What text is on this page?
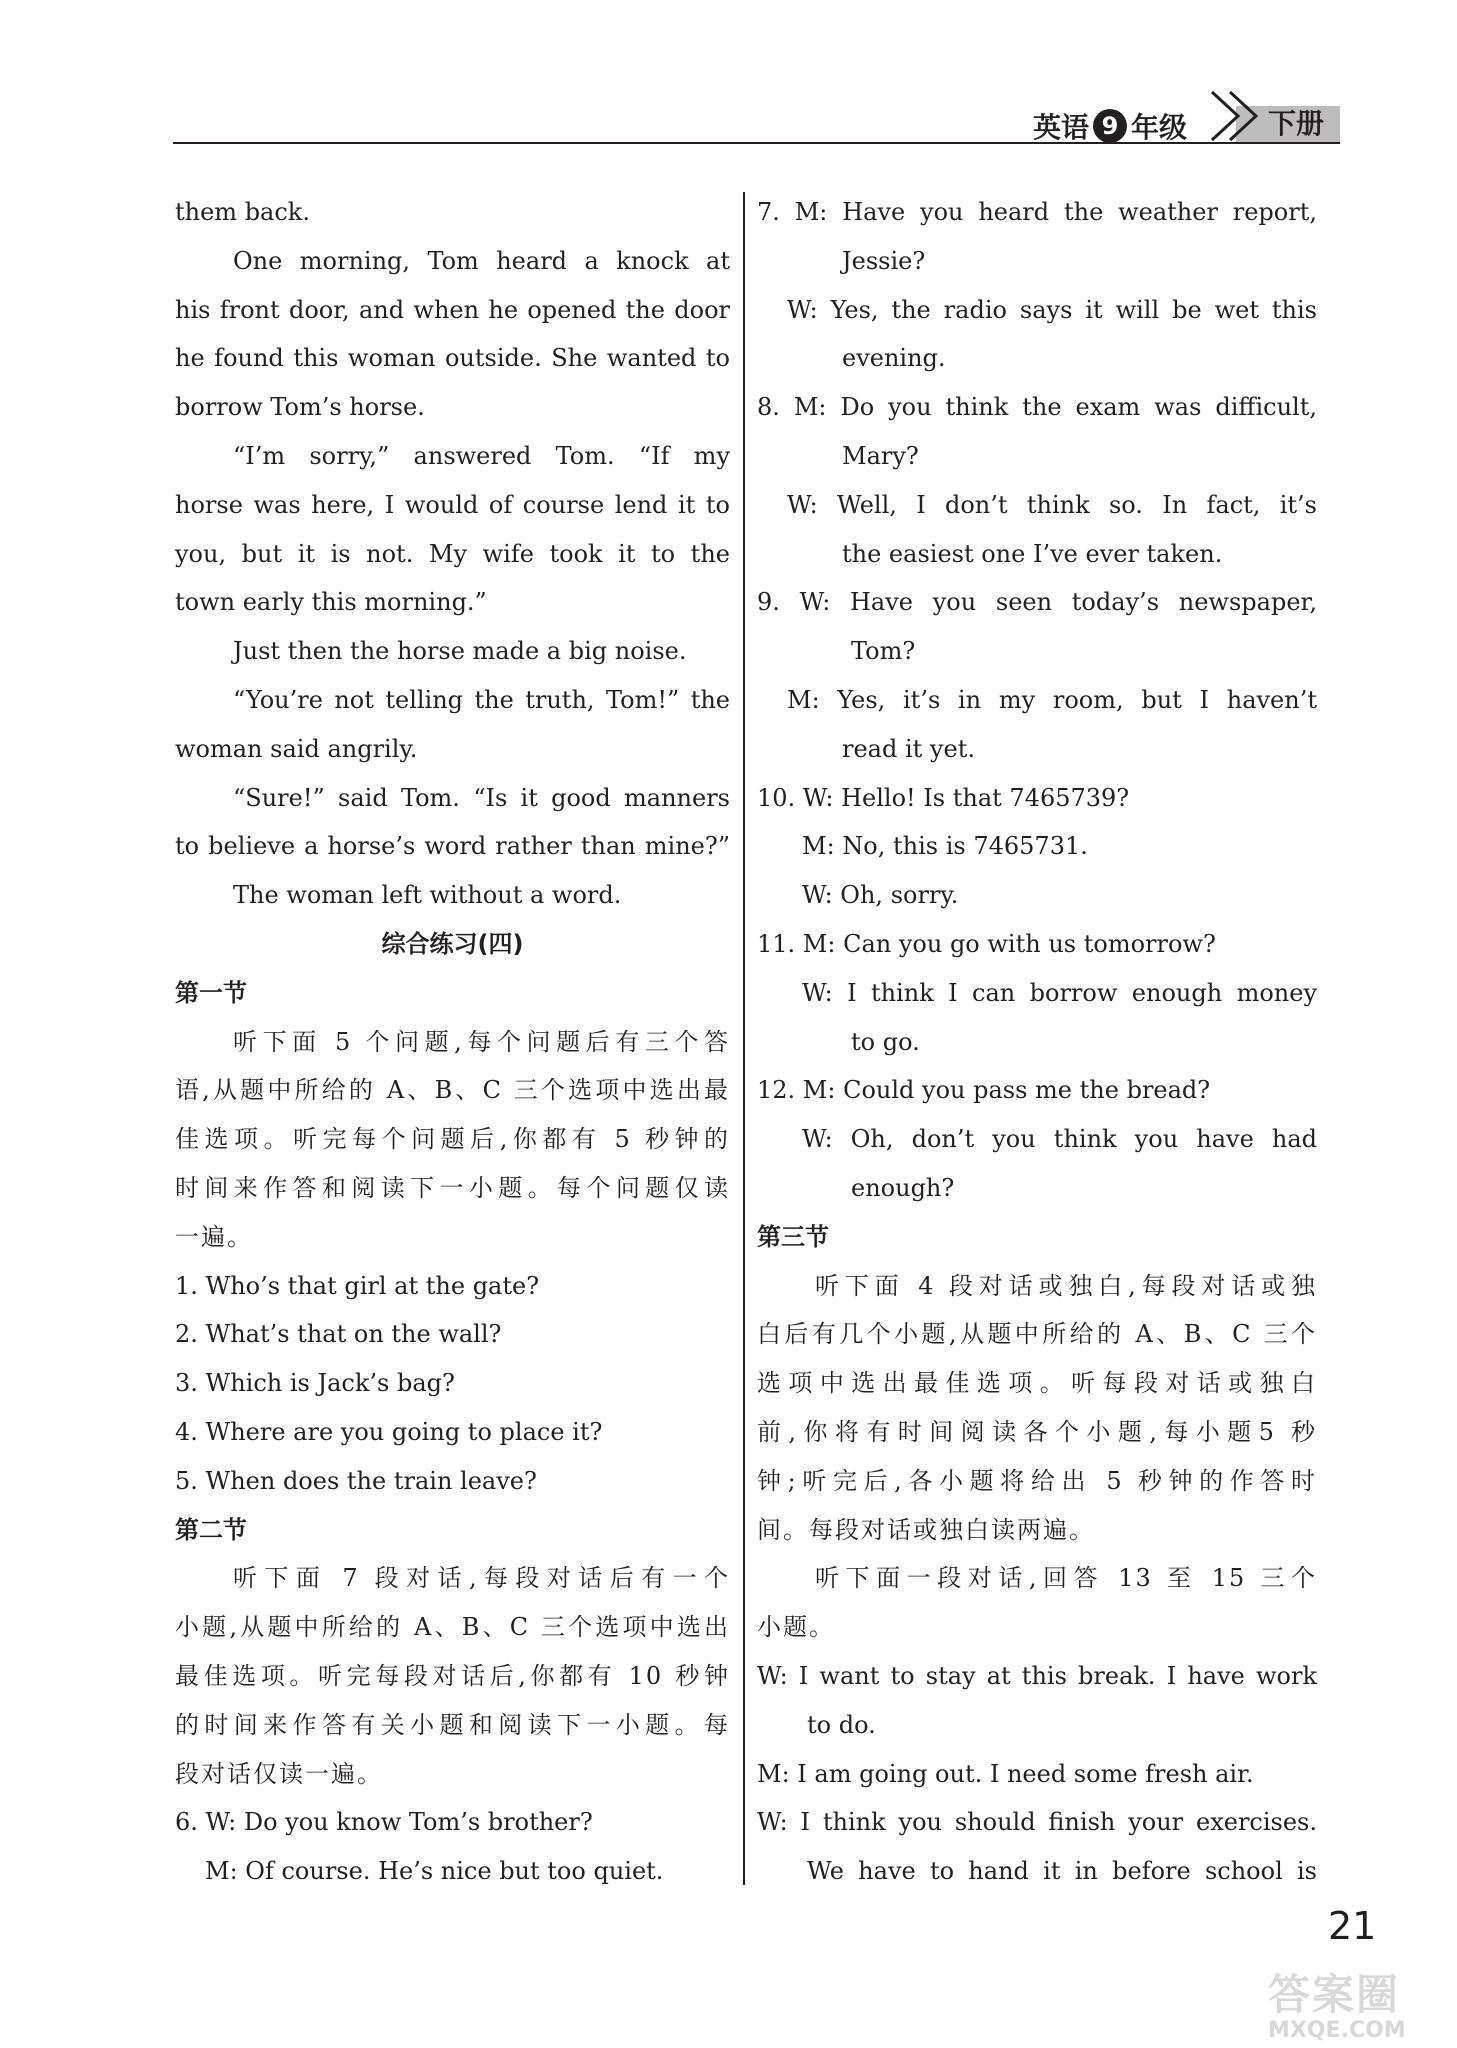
英语 9 年级	下册
them back.
One morning, Tom heard a knock at
his front door, and when he opened the door
he found this woman outside. She wanted to
borrow Tom’s horse.
“I’m sorry,” answered Tom. “If my
horse was here, I would of course lend it to
you, but it is not. My wife took it to the
town early this morning.”
Just then the horse made a big noise.
“You’re not telling the truth, Tom!” the
woman said angrily.
“Sure!” said Tom. “Is it good manners
to believe a horse’s word rather than mine?”
The woman left without a word.
综合练习(四)
第一节
听下面 5 个问题,每个问题后有三个答
语,从题中所给的 A、B、C 三个选项中选出最
佳选项。听完每个问题后,你都有 5 秒钟的
时间来作答和阅读下一小题。每个问题仅读
一遍。
1. Who’s that girl at the gate?
2. What’s that on the wall?
3. Which is Jack’s bag?
4. Where are you going to place it?
5. When does the train leave?
第二节
听下面 7 段对话,每段对话后有一个
小题,从题中所给的 A、B、C 三个选项中选出
最佳选项。听完每段对话后,你都有 10 秒钟
的时间来作答有关小题和阅读下一小题。每
段对话仅读一遍。
6. W: Do you know Tom’s brother?
M: Of course. He’s nice but too quiet.
7. M: Have you heard the weather report,
Jessie?
W: Yes, the radio says it will be wet this
evening.
8. M: Do you think the exam was difficult,
Mary?
W: Well, I don’t think so. In fact, it’s
the easiest one I’ve ever taken.
9. W: Have you seen today’s newspaper,
Tom?
M: Yes, it’s in my room, but I haven’t
read it yet.
10. W: Hello! Is that 7465739?
M: No, this is 7465731.
W: Oh, sorry.
11. M: Can you go with us tomorrow?
W: I think I can borrow enough money
to go.
12. M: Could you pass me the bread?
W: Oh, don’t you think you have had
enough?
第三节
听下面 4 段对话或独白,每段对话或独
白后有几个小题,从题中所给的 A、B、C 三个
选项中选出最佳选项。听每段对话或独白
前,你将有时间阅读各个小题,每小题5 秒
钟;听完后,各小题将给出 5 秒钟的作答时
间。每段对话或独白读两遍。
听下面一段对话,回答 13 至 15 三个
小题。
W: I want to stay at this break. I have work
to do.
M: I am going out. I need some fresh air.
W: I think you should finish your exercises.
We have to hand it in before school is
21
答案圈
MXQE.COM
